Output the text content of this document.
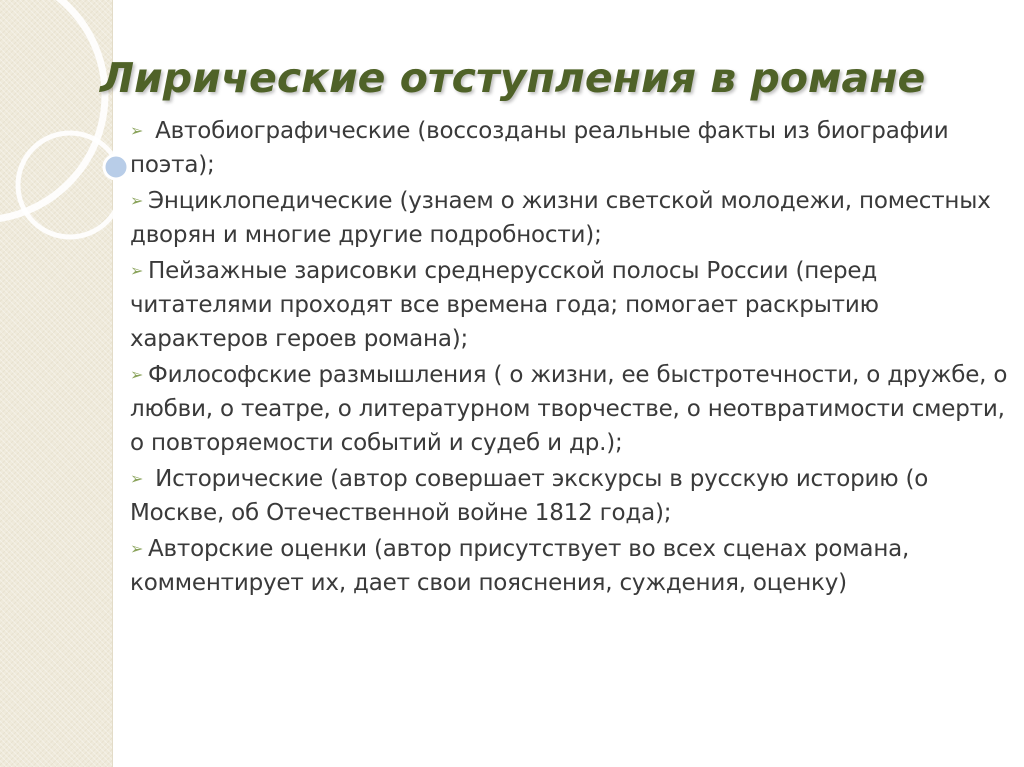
Лирические отступления в романе
➢ Автобиографические (воссозданы реальные факты из биографии поэта);
➢ Энциклопедические (узнаем о жизни светской молодежи, поместных дворян и многие другие подробности);
➢ Пейзажные зарисовки среднерусской полосы России (перед читателями проходят все времена года; помогает раскрытию характеров героев романа);
➢ Философские размышления ( о жизни, ее быстротечности, о дружбе, о любви, о театре, о литературном творчестве, о неотвратимости смерти, о повторяемости событий и судеб и др.);
➢ Исторические (автор совершает экскурсы в русскую историю (о Москве, об Отечественной войне 1812 года);
➢ Авторские оценки (автор присутствует во всех сценах романа, комментирует их, дает свои пояснения, суждения, оценку)
